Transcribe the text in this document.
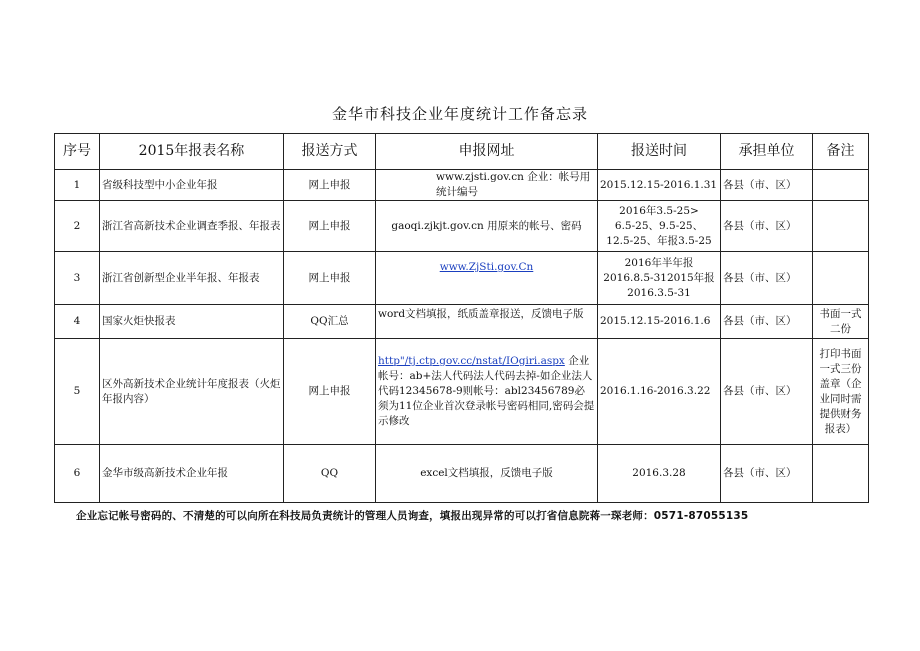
金华市科技企业年度统计工作备忘录
序号	2015年报表名称	报送方式	申报网址	报送时间	承担单位	备注
1	省级科技型中小企业年报	网上申报	www.zjsti.gov.cn 企业：帐号用统计编号	2015.12.15-2016.1.31	各县（市、区）	
2	浙江省高新技术企业调查季报、年报表	网上申报	gaoqi.zjkjt.gov.cn 用原来的帐号、密码	2016年3.5-25>
6.5-25、9.5-25、
12.5-25、年报3.5-25	各县（市、区）	
3	浙江省创新型企业半年报、年报表	网上申报	www.ZjSti.gov.Cn	2016年半年报
2016.8.5-312015年报
2016.3.5-31	各县（市、区）	
4	国家火炬快报表	QQ汇总	word文档填报，纸质盖章报送，反馈电子版	2015.12.15-2016.1.6	各县（市、区）	书面一式二份
5	区外高新技术企业统计年度报表（火炬年报内容）	网上申报	http"/tj.ctp.gov.cc/nstat/IOgiri.aspx 企业帐号：ab+法人代码法人代码去掉-如企业法人代码12345678-9则帐号：abl23456789必须为11位企业首次登录帐号密码相同,密码会提示修改	2016.1.16-2016.3.22	各县（市、区）	打印书面一式三份盖章（企业同时需提供财务报表）
6	金华市级高新技术企业年报	QQ	excel文档填报，反馈电子版	2016.3.28	各县（市、区）	
企业忘记帐号密码的、不清楚的可以向所在科技局负责统计的管理人员询查，填报出现异常的可以打省信息院蒋一琛老师：0571-87055135
